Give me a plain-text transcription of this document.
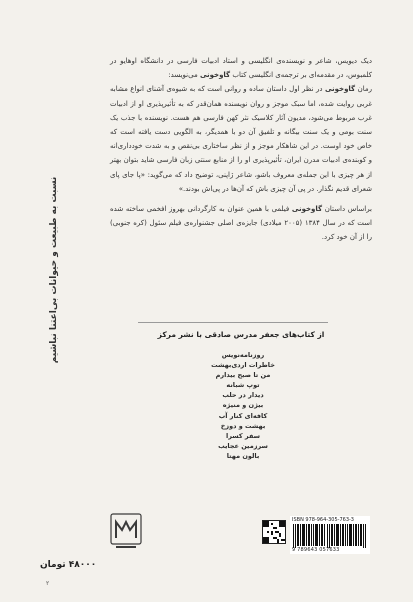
دیک دیویس، شاعر و نویسنده‌ی انگلیسی و استاد ادبیات فارسی در دانشگاه اوهایو در کلمبوس، در مقدمه‌ای بر ترجمه‌ی انگلیسی کتاب گاوخونی می‌نویسد:

رمان گاوخونی در نظر اول داستان ساده و روانی است که به شیوه‌ی آشنای انواع مشابه غربی روایت شده، اما سبک موجز و روان نویسنده همان‌قدر که به تأثیرپذیری او از ادبیات غرب مربوط می‌شود، مدیون آثار کلاسیک نثر کهن فارسی هم هست. نویسنده با جذب یک سنت بومی و یک سنت بیگانه و تلفیق آن دو با همدیگر، به الگویی دست یافته است که خاص خود اوست. در این شاهکار موجز و از نظر ساختاری بی‌نقص و به شدت خودداری‌انه و کوبنده‌ی ادبیات مدرن ایران، تأثیرپذیری او را از منابع سنتی زبان فارسی شاید بتوان بهتر از هر چیزی با این جمله‌ی معروف باشو، شاعر ژاپنی، توضیح داد که می‌گوید: «پا جای پای شعرای قدیم نگذار. در پی آن چیزی باش که آن‌ها در پی‌اش بودند.»

براساس داستان گاوخونی فیلمی با همین عنوان به کارگردانی بهروز افخمی ساخته شده است که در سال ۱۳۸۴ (۲۰۰۵ میلادی) جایزه‌ی اصلی جشنواره‌ی فیلم سئول (کره جنوبی) را از آن خود کرد.

نسبت به طبیعت و حیوانات بی‌اعتنا نباشیم	از کتاب‌های جعفر مدرس صادقی با نشر مرکز
روزنامه‌نویس
خاطرات اردی‌بهشت
من تا صبح بیدارم
توپ شبانه
دیدار در حلب
بیژن و منیژه
کافه‌ای کنار آب
بهشت و دوزخ
سفر کسرا
سرزمین عجایب
بالون مهتا
ISBN 978-964-305-763-3
9 789643 057633
۴۸۰۰۰ تومان
۲
